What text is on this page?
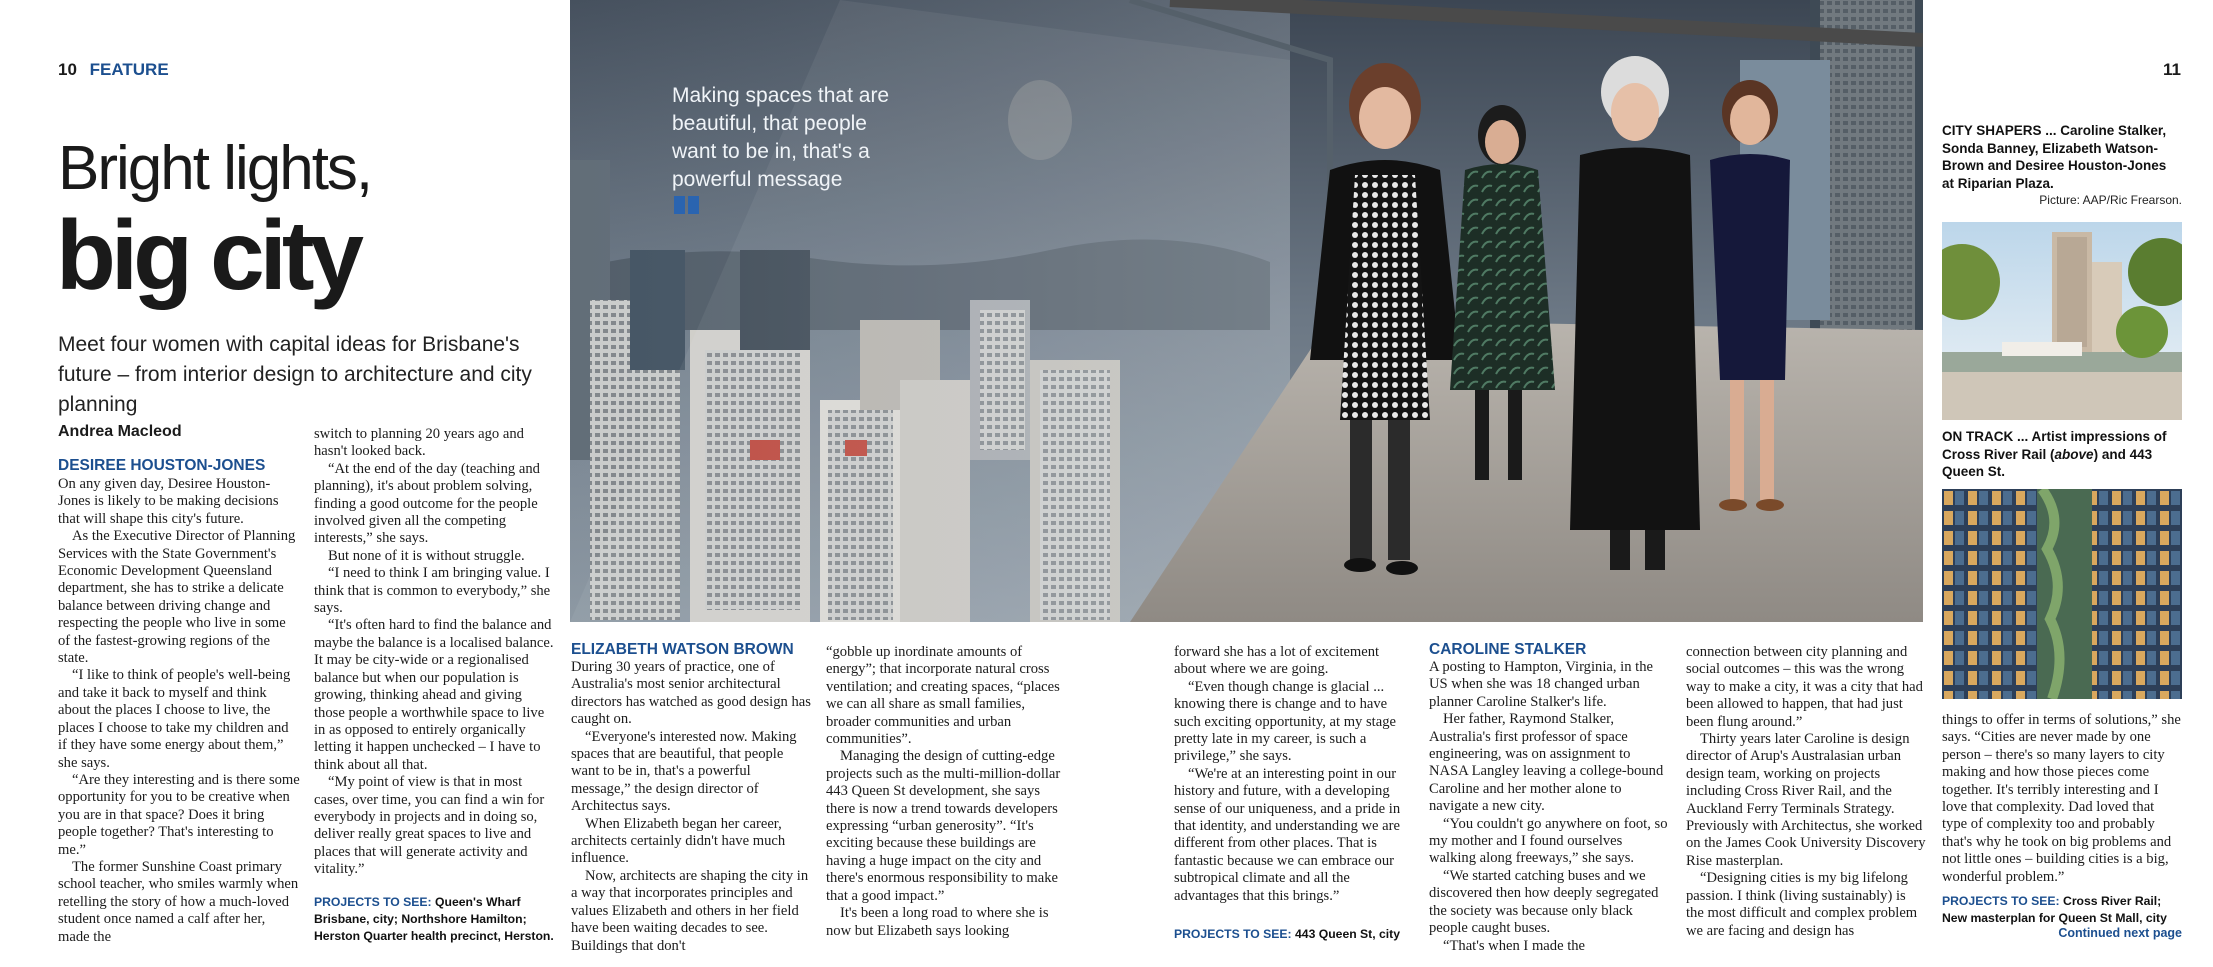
10 FEATURE	11
Bright lights,
big city
Meet four women with capital ideas for Brisbane's future – from interior design to architecture and city planning
Andrea Macleod
DESIREE HOUSTON-JONES

On any given day, Desiree Houston-Jones is likely to be making decisions that will shape this city's future.

As the Executive Director of Planning Services with the State Government's Economic Development Queensland department, she has to strike a delicate balance between driving change and respecting the people who live in some of the fastest-growing regions of the state.

“I like to think of people's well-being and take it back to myself and think about the places I choose to live, the places I choose to take my children and if they have some energy about them,” she says.

“Are they interesting and is there some opportunity for you to be creative when you are in that space? Does it bring people together? That's interesting to me.”

The former Sunshine Coast primary school teacher, who smiles warmly when retelling the story of how a much-loved student once named a calf after her, made the

switch to planning 20 years ago and hasn't looked back.

“At the end of the day (teaching and planning), it's about problem solving, finding a good outcome for the people involved given all the competing interests,” she says.

But none of it is without struggle.

“I need to think I am bringing value. I think that is common to everybody,” she says.

“It's often hard to find the balance and maybe the balance is a localised balance. It may be city-wide or a regionalised balance but when our population is growing, thinking ahead and giving those people a worthwhile space to live in as opposed to entirely organically letting it happen unchecked – I have to think about all that.

“My point of view is that in most cases, over time, you can find a win for everybody in projects and in doing so, deliver really great spaces to live and places that will generate activity and vitality.”

PROJECTS TO SEE: Queen's Wharf Brisbane, city; Northshore Hamilton; Herston Quarter health precinct, Herston.
Making spaces that are beautiful, that people want to be in, that's a powerful message
ELIZABETH WATSON BROWN

During 30 years of practice, one of Australia's most senior architectural directors has watched as good design has caught on.

“Everyone's interested now. Making spaces that are beautiful, that people want to be in, that's a powerful message,” the design director of Architectus says.

When Elizabeth began her career, architects certainly didn't have much influence.

Now, architects are shaping the city in a way that incorporates principles and values Elizabeth and others in her field have been waiting decades to see. Buildings that don't

“gobble up inordinate amounts of energy”; that incorporate natural cross ventilation; and creating spaces, “places we can all share as small families, broader communities and urban communities”.

Managing the design of cutting-edge projects such as the multi-million-dollar 443 Queen St development, she says there is now a trend towards developers expressing “urban generosity”. “It's exciting because these buildings are having a huge impact on the city and there's enormous responsibility to make that a good impact.”

It's been a long road to where she is now but Elizabeth says looking

forward she has a lot of excitement about where we are going.

“Even though change is glacial ... knowing there is change and to have such exciting opportunity, at my stage pretty late in my career, is such a privilege,” she says.

“We're at an interesting point in our history and future, with a developing sense of our uniqueness, and a pride in that identity, and understanding we are different from other places. That is fantastic because we can embrace our subtropical climate and all the advantages that this brings.”

PROJECTS TO SEE: 443 Queen St, city
CAROLINE STALKER

A posting to Hampton, Virginia, in the US when she was 18 changed urban planner Caroline Stalker's life.

Her father, Raymond Stalker, Australia's first professor of space engineering, was on assignment to NASA Langley leaving a college-bound Caroline and her mother alone to navigate a new city.

“You couldn't go anywhere on foot, so my mother and I found ourselves walking along freeways,” she says.

“We started catching buses and we discovered then how deeply segregated the society was because only black people caught buses.

“That's when I made the

connection between city planning and social outcomes – this was the wrong way to make a city, it was a city that had been allowed to happen, that had just been flung around.”

Thirty years later Caroline is design director of Arup's Australasian urban design team, working on projects including Cross River Rail, and the Auckland Ferry Terminals Strategy. Previously with Architectus, she worked on the James Cook University Discovery Rise masterplan.

“Designing cities is my big lifelong passion. I think (living sustainably) is the most difficult and complex problem we are facing and design has

things to offer in terms of solutions,” she says. “Cities are never made by one person – there's so many layers to city making and how those pieces come together. It's terribly interesting and I love that complexity. Dad loved that type of complexity too and probably that's why he took on big problems and not little ones – building cities is a big, wonderful problem.”

PROJECTS TO SEE: Cross River Rail; New masterplan for Queen St Mall, city
Continued next page
CITY SHAPERS ... Caroline Stalker, Sonda Banney, Elizabeth Watson-Brown and Desiree Houston-Jones at Riparian Plaza.
Picture: AAP/Ric Frearson.
ON TRACK ... Artist impressions of Cross River Rail (above) and 443 Queen St.
